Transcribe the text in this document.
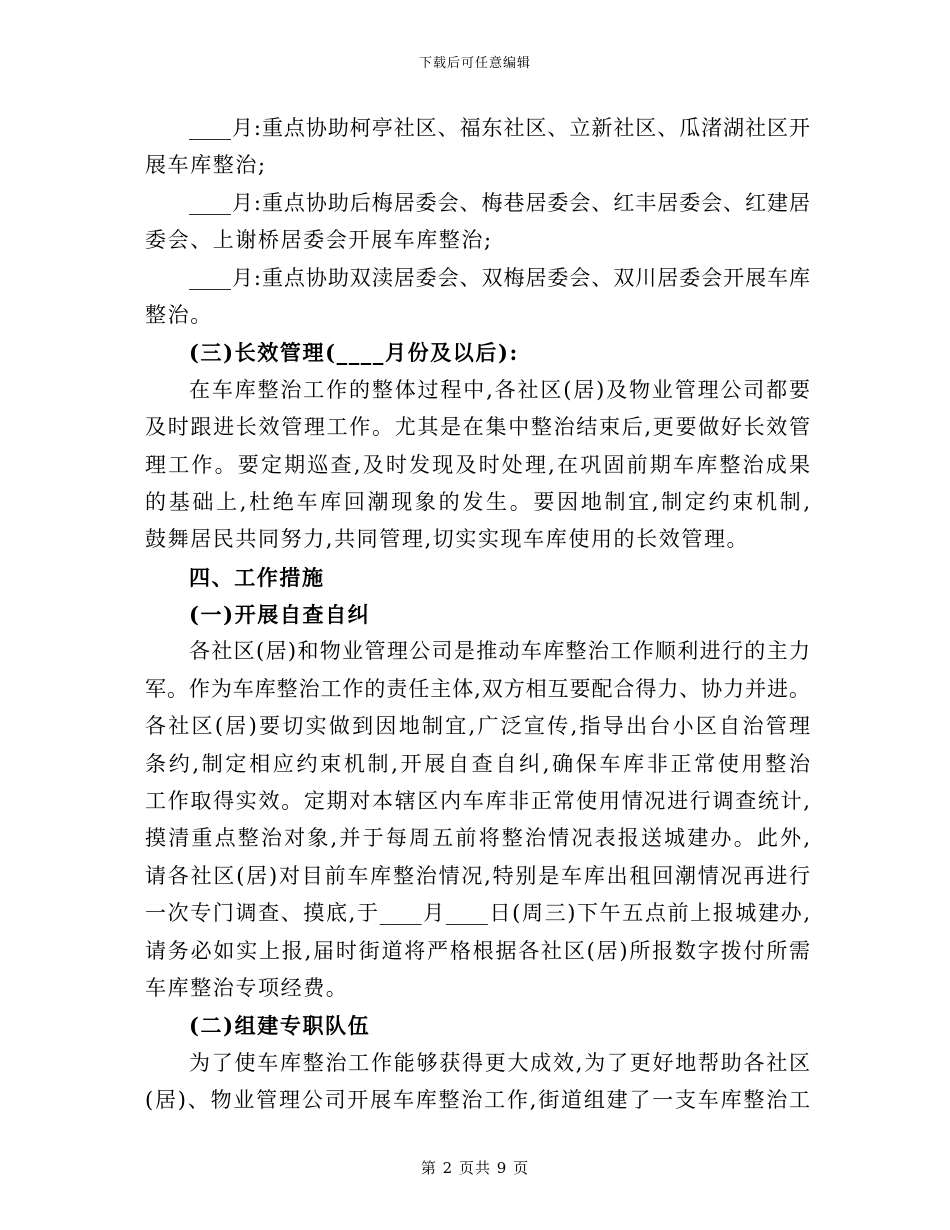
下载后可任意编辑
____月:重点协助柯亭社区、福东社区、立新社区、瓜渚湖社区开
展车库整治;
____月:重点协助后梅居委会、梅巷居委会、红丰居委会、红建居
委会、上谢桥居委会开展车库整治;
____月:重点协助双渎居委会、双梅居委会、双川居委会开展车库
整治。
(三)长效管理(____月份及以后):
在车库整治工作的整体过程中,各社区(居)及物业管理公司都要
及时跟进长效管理工作。尤其是在集中整治结束后,更要做好长效管
理工作。要定期巡查,及时发现及时处理,在巩固前期车库整治成果
的基础上,杜绝车库回潮现象的发生。要因地制宜,制定约束机制,
鼓舞居民共同努力,共同管理,切实实现车库使用的长效管理。
四、工作措施
(一)开展自查自纠
各社区(居)和物业管理公司是推动车库整治工作顺利进行的主力
军。作为车库整治工作的责任主体,双方相互要配合得力、协力并进。
各社区(居)要切实做到因地制宜,广泛宣传,指导出台小区自治管理
条约,制定相应约束机制,开展自查自纠,确保车库非正常使用整治
工作取得实效。定期对本辖区内车库非正常使用情况进行调查统计,
摸清重点整治对象,并于每周五前将整治情况表报送城建办。此外,
请各社区(居)对目前车库整治情况,特别是车库出租回潮情况再进行
一次专门调查、摸底,于____月____日(周三)下午五点前上报城建办,
请务必如实上报,届时街道将严格根据各社区(居)所报数字拨付所需
车库整治专项经费。
(二)组建专职队伍
为了使车库整治工作能够获得更大成效,为了更好地帮助各社区
(居)、物业管理公司开展车库整治工作,街道组建了一支车库整治工
第 2 页共 9 页
